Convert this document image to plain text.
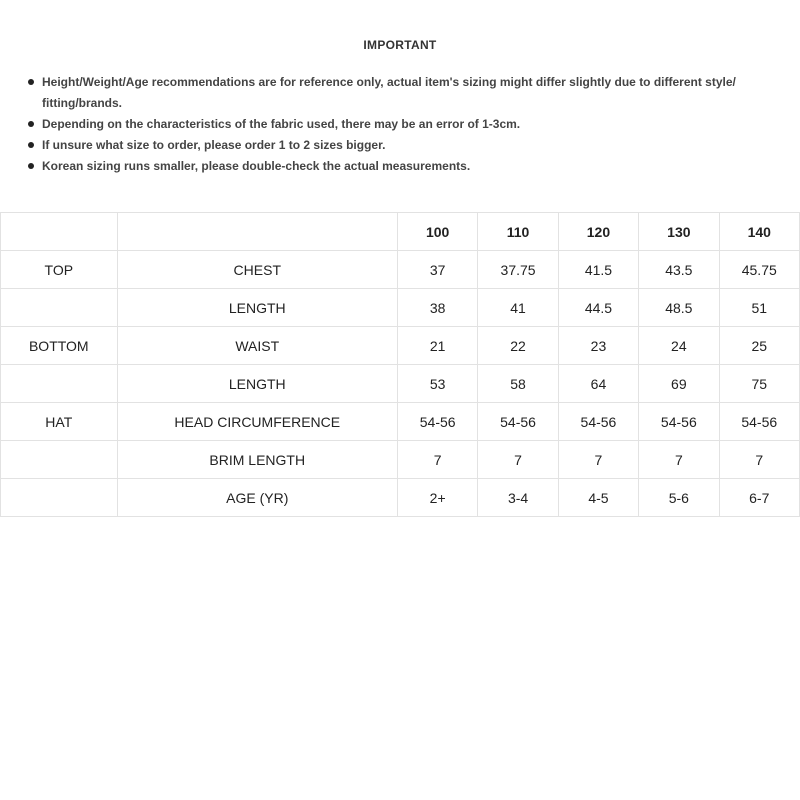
IMPORTANT
Height/Weight/Age recommendations are for reference only, actual item's sizing might differ slightly due to different style/ fitting/brands.
Depending on the characteristics of the fabric used, there may be an error of 1-3cm.
If unsure what size to order, please order 1 to 2 sizes bigger.
Korean sizing runs smaller, please double-check the actual measurements.
		100	110	120	130	140
TOP	CHEST	37	37.75	41.5	43.5	45.75
	LENGTH	38	41	44.5	48.5	51
BOTTOM	WAIST	21	22	23	24	25
	LENGTH	53	58	64	69	75
HAT	HEAD CIRCUMFERENCE	54-56	54-56	54-56	54-56	54-56
	BRIM LENGTH	7	7	7	7	7
	AGE (YR)	2+	3-4	4-5	5-6	6-7
